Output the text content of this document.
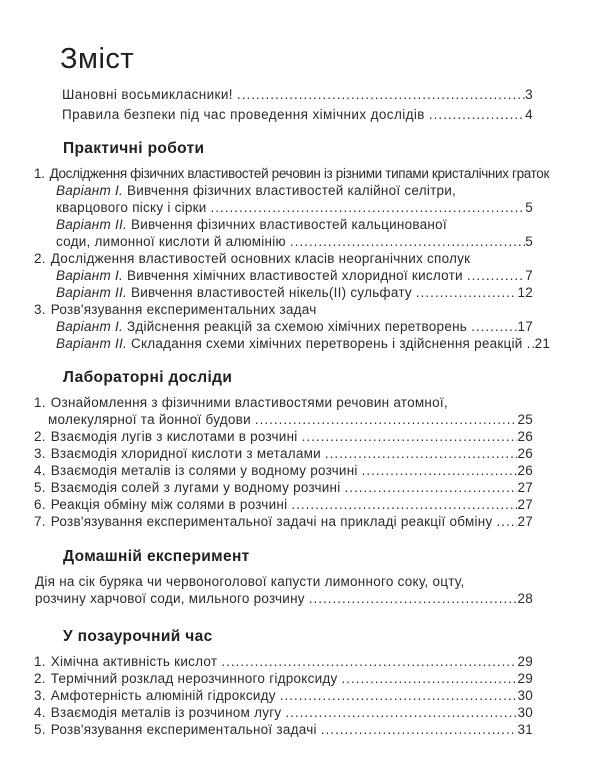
Зміст
Шановні восьмикласники! .....	3
Правила безпеки під час проведення хімічних дослідів .....	4
Практичні роботи
1. Дослідження фізичних властивостей речовин із різними типами кристалічних граток
Варіант I. Вивчення фізичних властивостей калійної селітри,
кварцового піску і сірки .....	5
Варіант II. Вивчення фізичних властивостей кальцинованої
соди, лимонної кислоти й алюмінію .....	5
2. Дослідження властивостей основних класів неорганічних сполук
Варіант I. Вивчення хімічних властивостей хлоридної кислоти .....	7
Варіант II. Вивчення властивостей нікель(II) сульфату .....	12
3. Розв'язування експериментальних задач
Варіант I. Здійснення реакцій за схемою хімічних перетворень .....	17
Варіант II. Складання схеми хімічних перетворень і здійснення реакцій ..... 21
Лабораторні досліди
1. Ознайомлення з фізичними властивостями речовин атомної,
молекулярної та йонної будови .....	25
2. Взаємодія лугів з кислотами в розчині .....	26
3. Взаємодія хлоридної кислоти з металами .....	26
4. Взаємодія металів із солями у водному розчині .....	26
5. Взаємодія солей з лугами у водному розчині .....	27
6. Реакція обміну між солями в розчині .....	27
7. Розв'язування експериментальної задачі на прикладі реакції обміну ..... 27
Домашній експеримент
Дія на сік буряка чи червоноголової капусти лимонного соку, оцту,
розчину харчової соди, мильного розчину .....	28
У позаурочний час
1. Хімічна активність кислот .....	29
2. Термічний розклад нерозчинного гідроксиду .....	29
3. Амфотерність алюміній гідроксиду .....	30
4. Взаємодія металів із розчином лугу .....	30
5. Розв'язування експериментальної задачі .....	31
